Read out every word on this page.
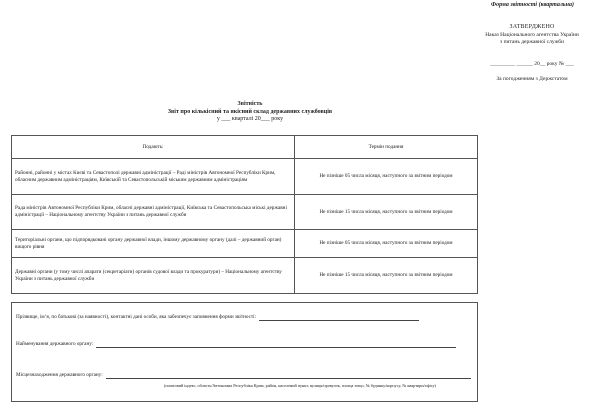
Форма звітності (квартальна)
ЗАТВЕРДЖЕНО
Наказ Національного агентства України
з питань державної служби
_________ ______ 20__ року № ___
За погодженням з Держстатом
Звітність
Звіт про кількісний та якісний склад державних службовців
у ___ кварталі 20___ року
Подають:	Термін подання
Районні, районні у містах Києві та Севастополі державні адміністрації – Раді міністрів Автономної Республіки Крим, обласним державним адміністраціям, Київській та Севастопольській міським державним адміністраціям	Не пізніше 05 числа місяця, наступного за звітним періодом
Рада міністрів Автономної Республіки Крим, обласні державні адміністрації, Київська та Севастопольська міські державні адміністрації – Національному агентству України з питань державної служби	Не пізніше 15 числа місяця, наступного за звітним періодом
Територіальні органи, що підпорядковані органу державної влади, іншому державному органу (далі – державний орган) вищого рівня	Не пізніше 05 числа місяця, наступного за звітним періодом
Державні органи (у тому числі апарати (секретаріати) органів судової влади та прокуратури) – Національному агентству України з питань державної служби	Не пізніше 15 числа місяця, наступного за звітним періодом
Прізвище, ім’я, по батькові (за наявності), контактні дані особи, яка забезпечує заповнення форми звітності:
Найменування державного органу:
Місцезнаходження державного органу:
(поштовий індекс, область/Автономна Республіка Крим, район, населений пункт, вулиця/провулок, площа тощо, № будинку/корпусу, № квартири/офісу)
